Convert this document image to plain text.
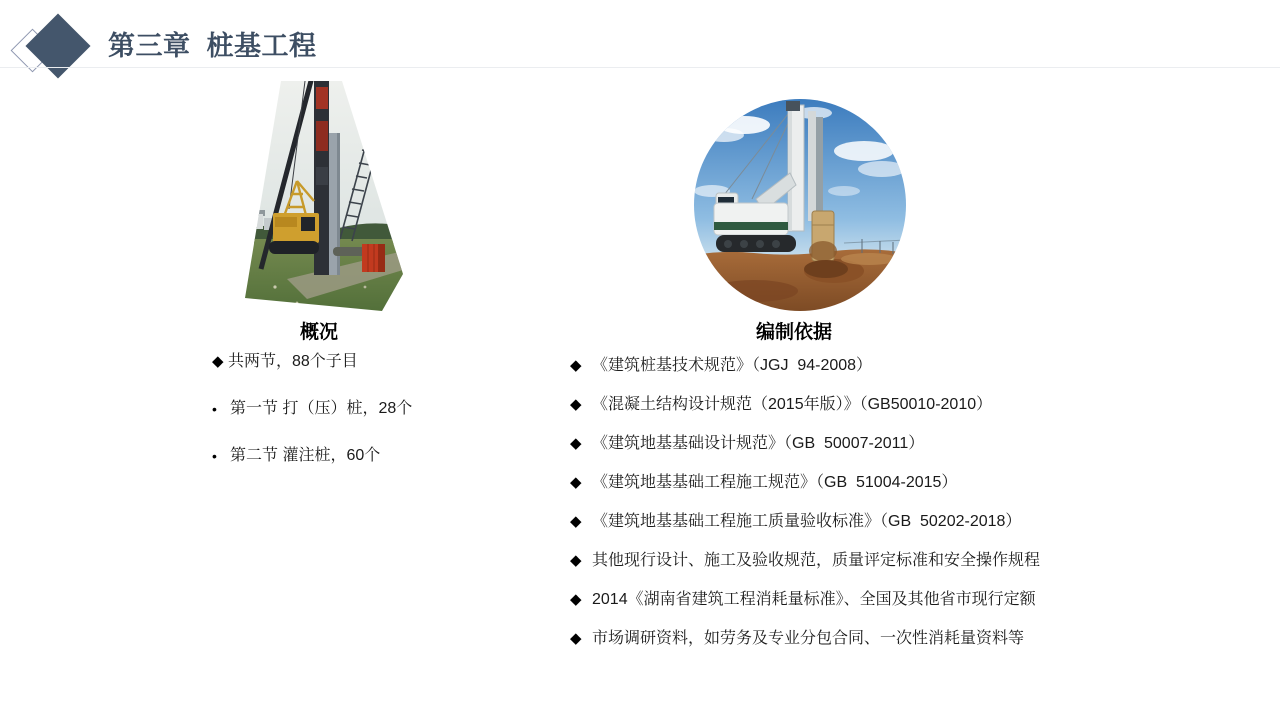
第三章  桩基工程
概况	编制依据
◆ 共两节，88个子目
• 第一节 打（压）桩，28个
• 第二节 灌注桩，60个
◆ 《建筑桩基技术规范》（JGJ  94-2008）
◆ 《混凝土结构设计规范（2015年版）》（GB50010-2010）
◆ 《建筑地基基础设计规范》（GB  50007-2011）
◆ 《建筑地基基础工程施工规范》（GB  51004-2015）
◆ 《建筑地基基础工程施工质量验收标准》（GB  50202-2018）
◆ 其他现行设计、施工及验收规范，质量评定标准和安全操作规程
◆ 2014《湖南省建筑工程消耗量标准》、全国及其他省市现行定额
◆ 市场调研资料，如劳务及专业分包合同、一次性消耗量资料等
